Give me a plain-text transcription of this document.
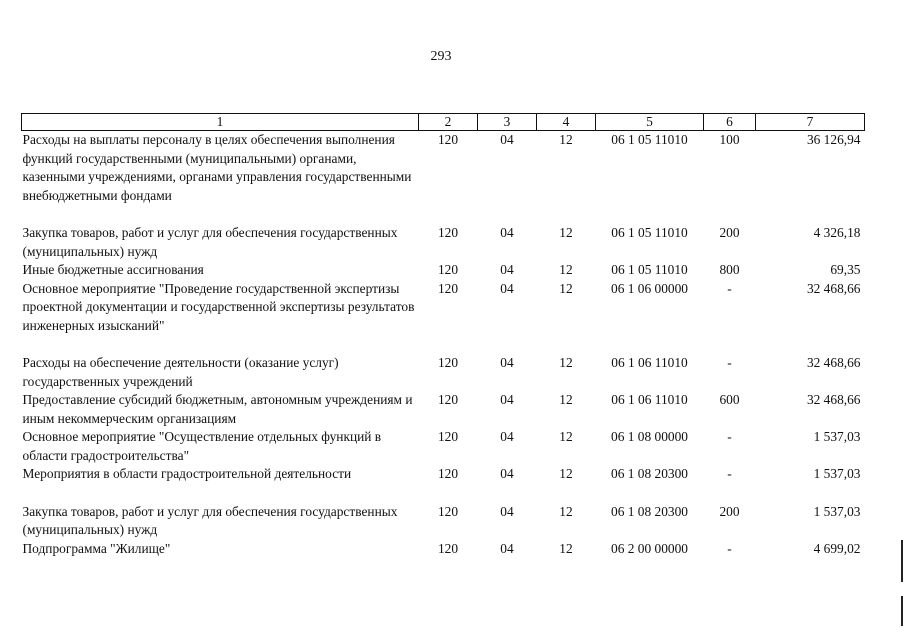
293
1	2	3	4	5	6	7
Расходы на выплаты персоналу в целях обеспечения выполнения функций государственными (муниципальными) органами, казенными учреждениями, органами управления государственными внебюджетными фондами	120	04	12	06 1 05 11010	100	36 126,94
Закупка товаров, работ и услуг для обеспечения государственных (муниципальных) нужд	120	04	12	06 1 05 11010	200	4 326,18
Иные бюджетные ассигнования	120	04	12	06 1 05 11010	800	69,35
Основное мероприятие "Проведение государственной экспертизы проектной документации и государственной экспертизы результатов инженерных изысканий"	120	04	12	06 1 06 00000	-	32 468,66
Расходы на обеспечение деятельности (оказание услуг) государственных учреждений	120	04	12	06 1 06 11010	-	32 468,66
Предоставление субсидий бюджетным, автономным учреждениям и иным некоммерческим организациям	120	04	12	06 1 06 11010	600	32 468,66
Основное мероприятие "Осуществление отдельных функций в области градостроительства"	120	04	12	06 1 08 00000	-	1 537,03
Мероприятия в области градостроительной деятельности	120	04	12	06 1 08 20300	-	1 537,03
Закупка товаров, работ и услуг для обеспечения государственных (муниципальных) нужд	120	04	12	06 1 08 20300	200	1 537,03
Подпрограмма "Жилище"	120	04	12	06 2 00 00000	-	4 699,02
